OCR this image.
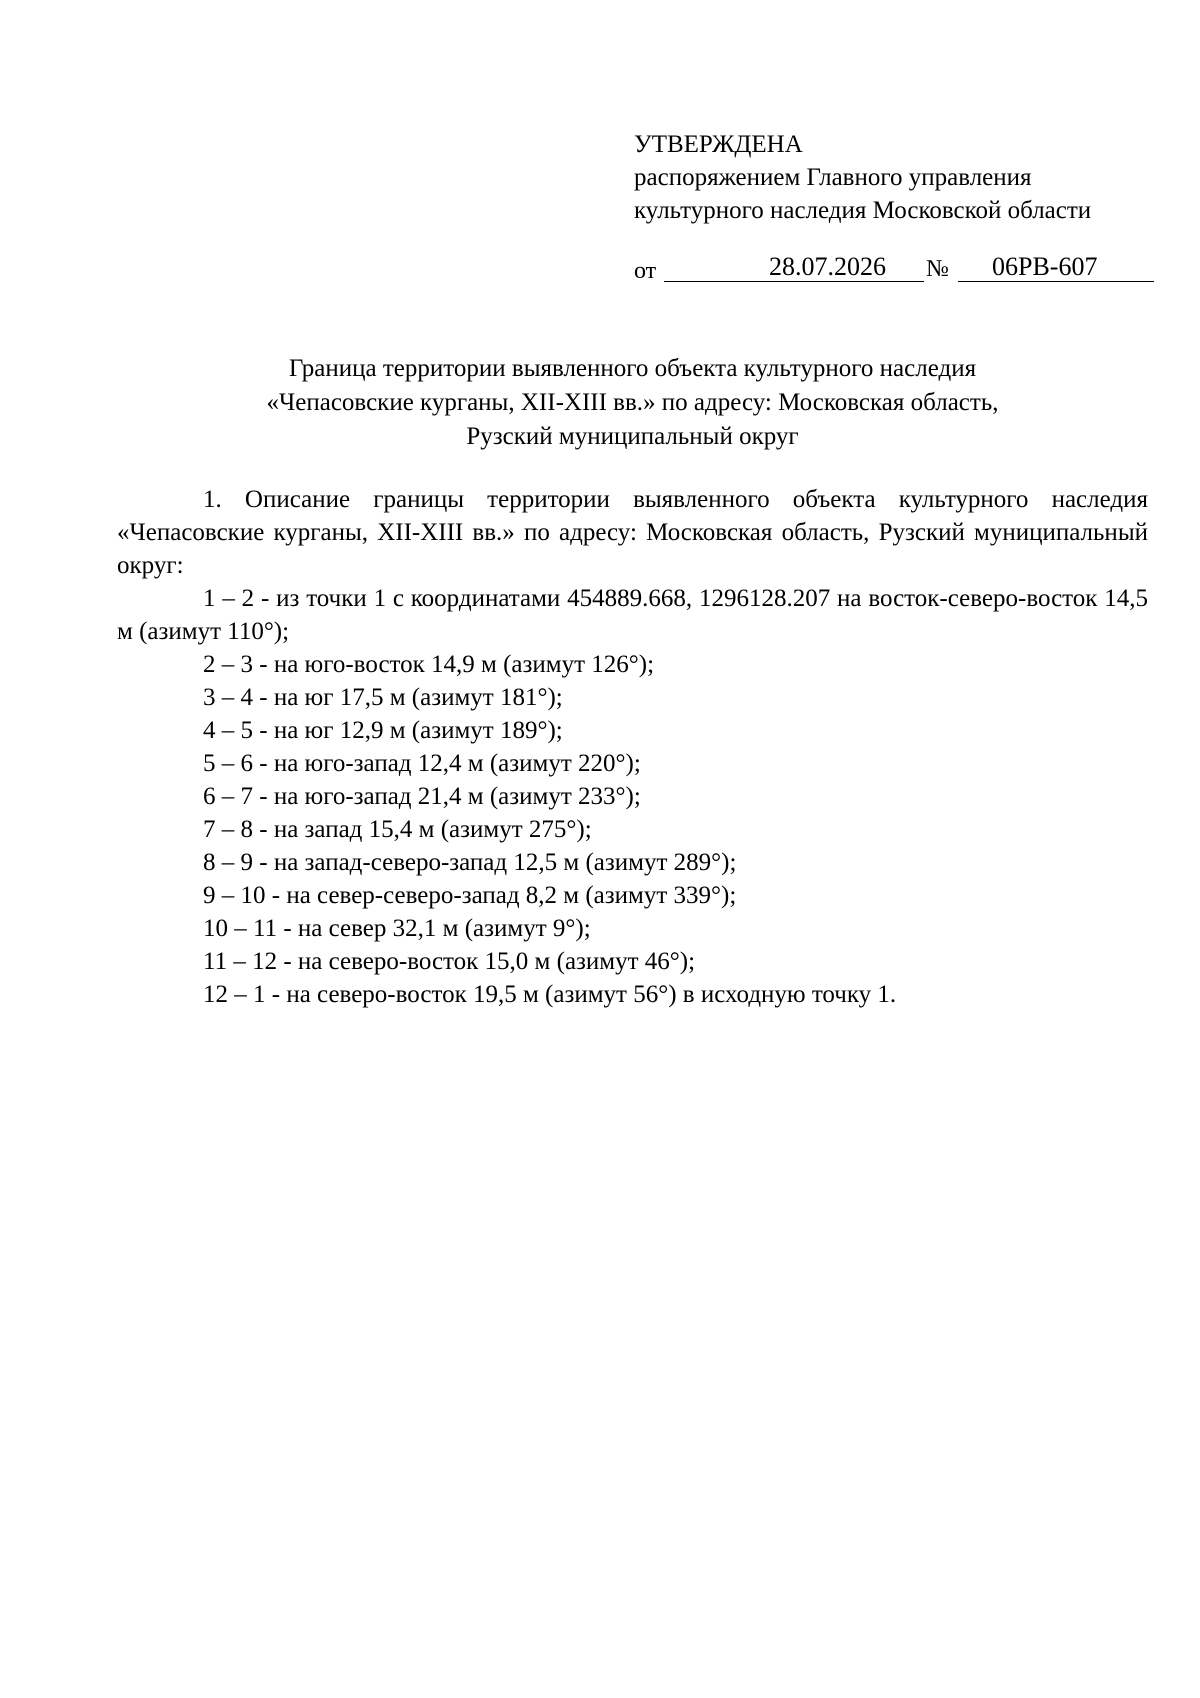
УТВЕРЖДЕНА
распоряжением Главного управления
культурного наследия Московской области
от	28.07.2026	№	06РВ-607
Граница территории выявленного объекта культурного наследия
«Чепасовские курганы, XII-XIII вв.» по адресу: Московская область,
Рузский муниципальный округ

1. Описание границы территории выявленного объекта культурного наследия «Чепасовские курганы, XII-XIII вв.» по адресу: Московская область, Рузский муниципальный округ:

1 – 2 - из точки 1 с координатами 454889.668, 1296128.207 на восток-северо-восток 14,5 м (азимут 110°);

2 – 3 - на юго-восток 14,9 м (азимут 126°);

3 – 4 - на юг 17,5 м (азимут 181°);

4 – 5 - на юг 12,9 м (азимут 189°);

5 – 6 - на юго-запад 12,4 м (азимут 220°);

6 – 7 - на юго-запад 21,4 м (азимут 233°);

7 – 8 - на запад 15,4 м (азимут 275°);

8 – 9 - на запад-северо-запад 12,5 м (азимут 289°);

9 – 10 - на север-северо-запад 8,2 м (азимут 339°);

10 – 11 - на север 32,1 м (азимут 9°);

11 – 12 - на северо-восток 15,0 м (азимут 46°);

12 – 1 - на северо-восток 19,5 м (азимут 56°) в исходную точку 1.
